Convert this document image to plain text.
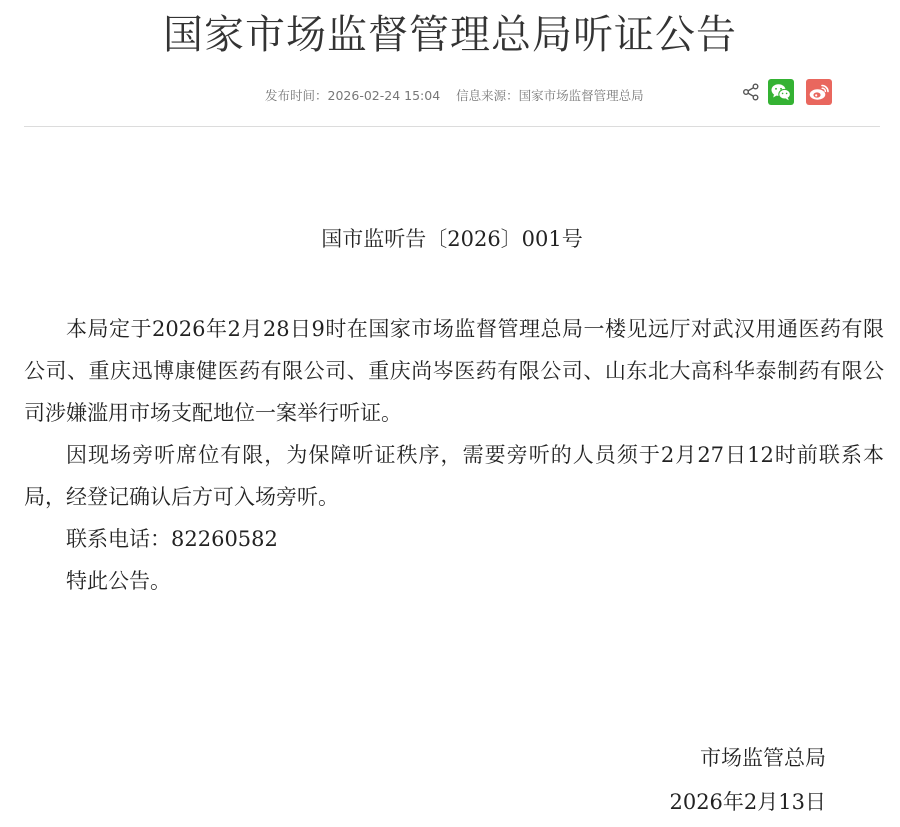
国家市场监督管理总局听证公告
发布时间：2026-02-24 15:04 信息来源：国家市场监督管理总局
国市监听告〔2026〕001号

本局定于2026年2月28日9时在国家市场监督管理总局一楼见远厅对武汉用通医药有限公司、重庆迅博康健医药有限公司、重庆尚岑医药有限公司、山东北大高科华泰制药有限公司涉嫌滥用市场支配地位一案举行听证。

因现场旁听席位有限，为保障听证秩序，需要旁听的人员须于2月27日12时前联系本局，经登记确认后方可入场旁听。

联系电话：82260582

特此公告。

市场监管总局
2026年2月13日
